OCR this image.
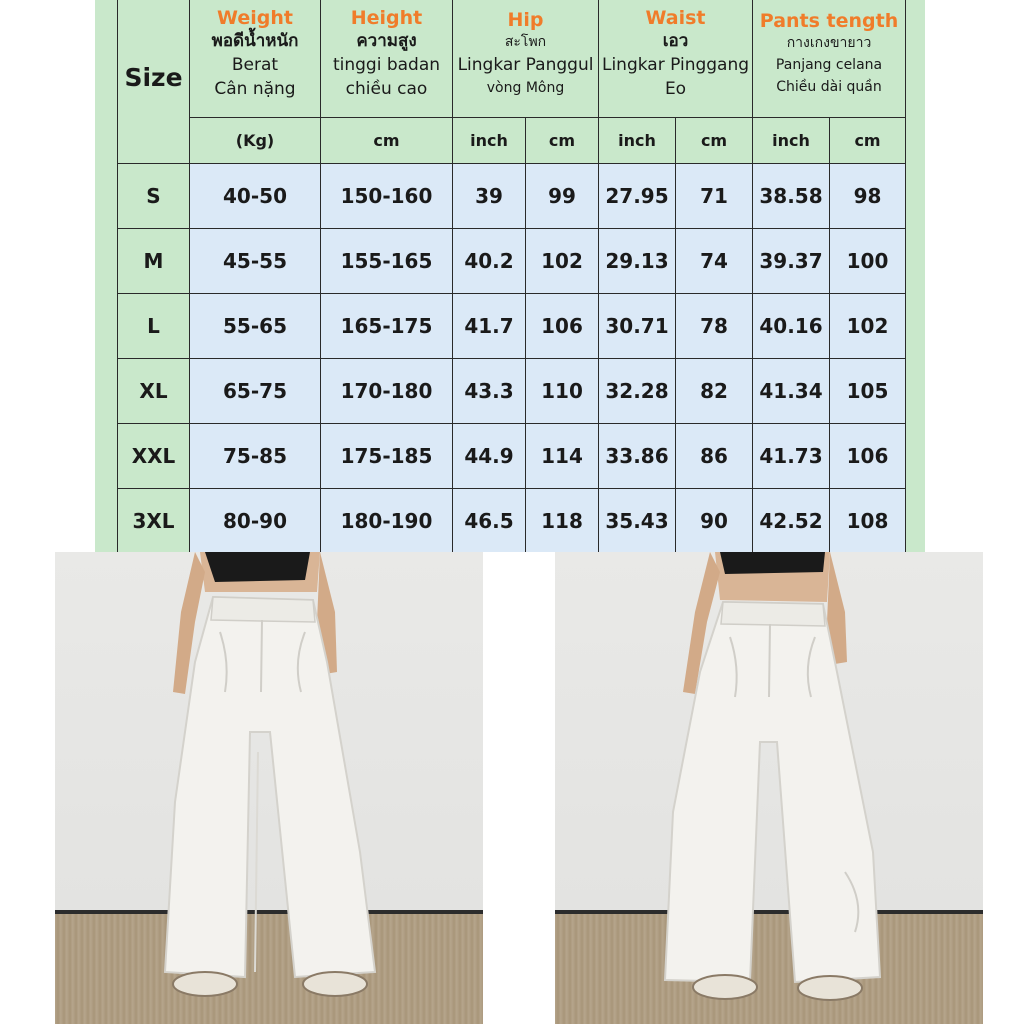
Size	Weight
พอดีน้ำหนัก
Berat
Cân nặng	Height
ความสูง
tinggi badan
chiều cao	Hip
สะโพก
Lingkar Panggul
vòng Mông		Waist
เอว
Lingkar Pinggang
Eo		Pants tength
กางเกงขายาว
Panjang celana
Chiều dài quần	

	(Kg)	cm	inch	cm	inch	cm	inch	cm
S	40-50	150-160	39	99	27.95	71	38.58	98
M	45-55	155-165	40.2	102	29.13	74	39.37	100
L	55-65	165-175	41.7	106	30.71	78	40.16	102
XL	65-75	170-180	43.3	110	32.28	82	41.34	105
XXL	75-85	175-185	44.9	114	33.86	86	41.73	106
3XL	80-90	180-190	46.5	118	35.43	90	42.52	108
